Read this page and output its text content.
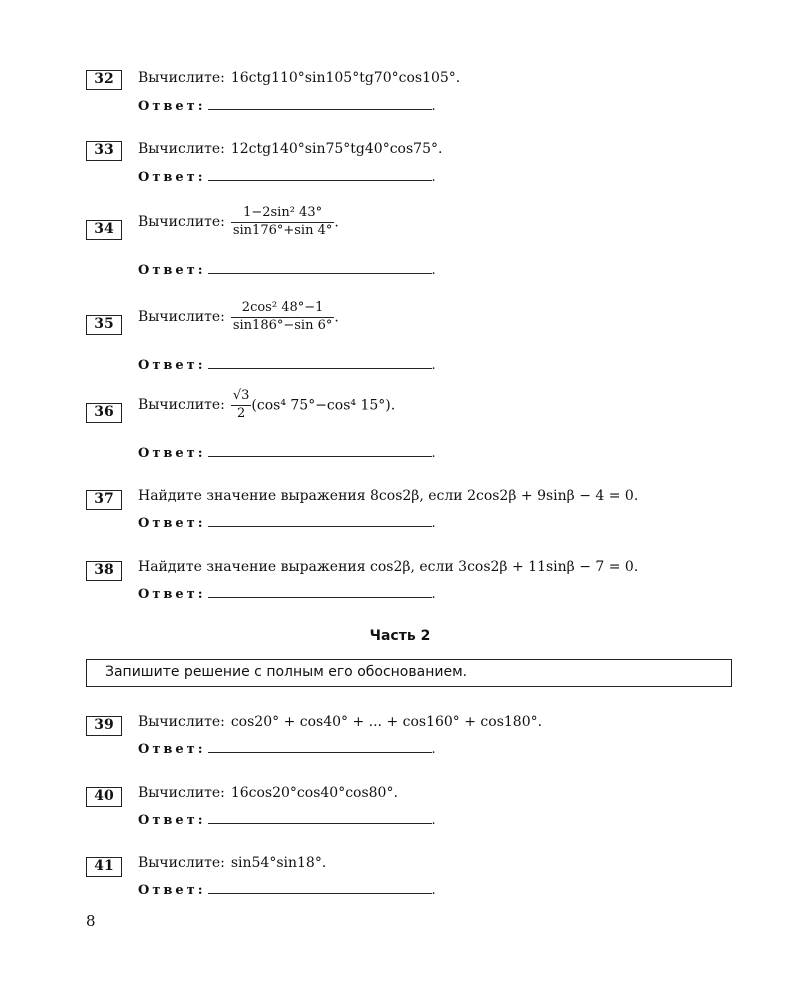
32	Вычислите: 16ctg110°sin105°tg70°cos105°.
Ответ:	.
33	Вычислите: 12ctg140°sin75°tg40°cos75°.
Ответ:	.
34	Вычислите: $\frac{\text{1−2sin² 43°}}{\sin 176^\circ+\sin 4^\circ}$ .
Ответ:	.
35	Вычислите: $\frac{\text{2cos² 48°−1}}{\sin 186^\circ-\sin 6^\circ}$ .
Ответ:	.
36	Вычислите: $\frac{√3}{2} (\cos^4$ 75°−cos⁴ 15°).
Ответ:	.
37	Найдите значение выражения 8cos2β, если 2cos2β + 9sinβ − 4 = 0.
Ответ:	.
38	Найдите значение выражения cos2β, если 3cos2β + 11sinβ − 7 = 0.
Ответ:	.
Часть 2
Запишите решение с полным его обоснованием.
39	Вычислите: cos20° + cos40° + ... + cos160° + cos180°.
Ответ:	.
40	Вычислите: 16cos20°cos40°cos80°.
Ответ:	.
41	Вычислите: sin54°sin18°.
Ответ:	.
8
